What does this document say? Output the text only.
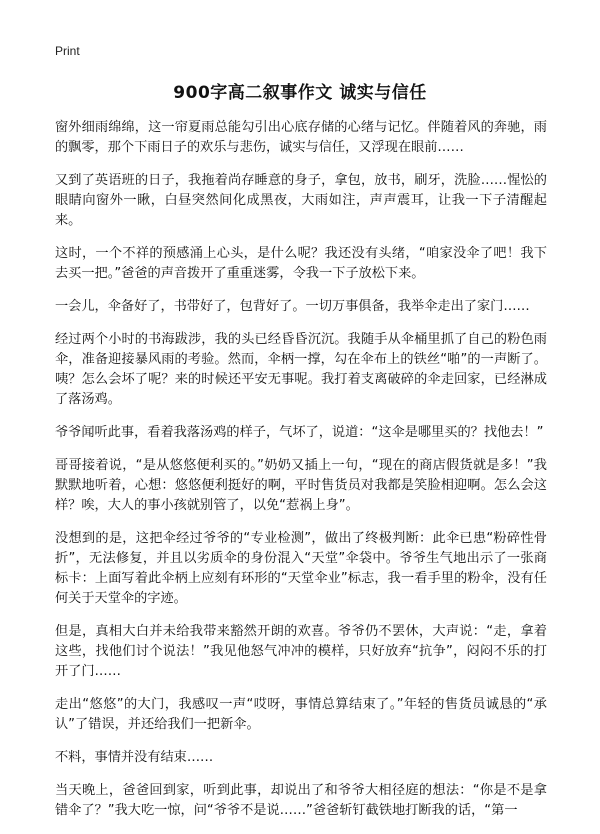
Print
900字高二叙事作文 诚实与信任

窗外细雨绵绵，这一帘夏雨总能勾引出心底存储的心绪与记忆。伴随着风的奔驰，雨的飘零，那个下雨日子的欢乐与悲伤，诚实与信任，又浮现在眼前……

又到了英语班的日子，我拖着尚存睡意的身子，拿包，放书，刷牙，洗脸……惺忪的眼睛向窗外一瞅，白昼突然间化成黑夜，大雨如注，声声震耳，让我一下子清醒起来。

这时，一个不祥的预感涌上心头，是什么呢？我还没有头绪，“咱家没伞了吧！我下去买一把。”爸爸的声音拨开了重重迷雾，令我一下子放松下来。

一会儿，伞备好了，书带好了，包背好了。一切万事俱备，我举伞走出了家门……

经过两个小时的书海跋涉，我的头已经昏昏沉沉。我随手从伞桶里抓了自己的粉色雨伞，准备迎接暴风雨的考验。然而，伞柄一撑，勾在伞布上的铁丝“啪”的一声断了。咦？怎么会坏了呢？来的时候还平安无事呢。我打着支离破碎的伞走回家，已经淋成了落汤鸡。

爷爷闻听此事，看着我落汤鸡的样子，气坏了，说道：“这伞是哪里买的？找他去！”

哥哥接着说，“是从悠悠便利买的。”奶奶又插上一句，“现在的商店假货就是多！”我默默地听着，心想：悠悠便利挺好的啊，平时售货员对我都是笑脸相迎啊。怎么会这样？唉，大人的事小孩就别管了，以免“惹祸上身”。

没想到的是，这把伞经过爷爷的“专业检测”，做出了终极判断：此伞已患“粉碎性骨折”，无法修复，并且以劣质伞的身份混入“天堂”伞袋中。爷爷生气地出示了一张商标卡：上面写着此伞柄上应刻有环形的“天堂伞业”标志，我一看手里的粉伞，没有任何关于天堂伞的字迹。

但是，真相大白并未给我带来豁然开朗的欢喜。爷爷仍不罢休，大声说：“走，拿着这些，找他们讨个说法！”我见他怒气冲冲的模样，只好放弃“抗争”，闷闷不乐的打开了门……

走出“悠悠”的大门，我感叹一声“哎呀，事情总算结束了。”年轻的售货员诚恳的“承认”了错误，并还给我们一把新伞。

不料，事情并没有结束……

当天晚上，爸爸回到家，听到此事，却说出了和爷爷大相径庭的想法：“你是不是拿错伞了？”我大吃一惊，问“爷爷不是说……”爸爸斩钉截铁地打断我的话，“第一
